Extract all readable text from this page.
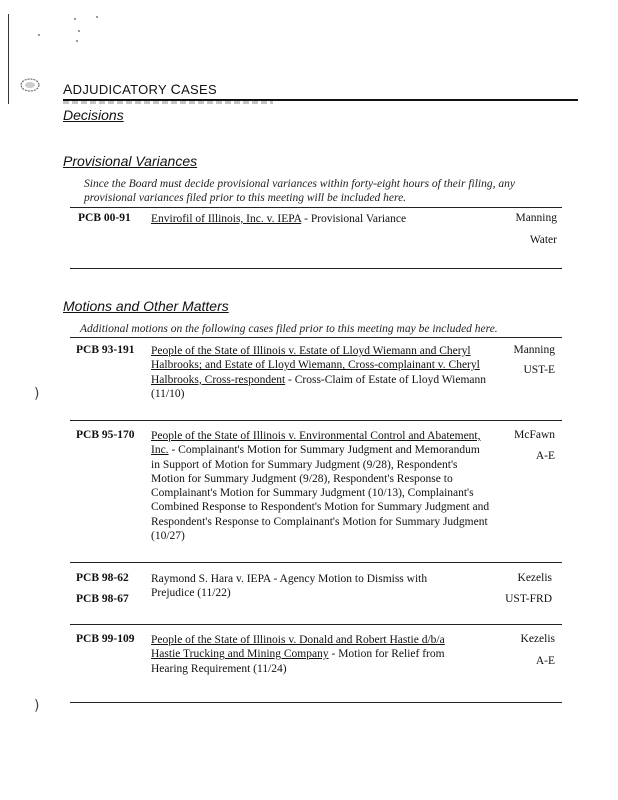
)
)
ADJUDICATORY CASES
Decisions
Provisional Variances
Since the Board must decide provisional variances within forty-eight hours of their filing, any provisional variances filed prior to this meeting will be included here.
PCB 00-91 Envirofil of Illinois, Inc. v. IEPA - Provisional Variance	Manning
Water
Motions and Other Matters
Additional motions on the following cases filed prior to this meeting may be included here.
PCB 93-191 People of the State of Illinois v. Estate of Lloyd Wiemann and Cheryl Halbrooks; and Estate of Lloyd Wiemann, Cross-complainant v. Cheryl Halbrooks, Cross-respondent - Cross-Claim of Estate of Lloyd Wiemann (11/10)
Manning
UST-E
PCB 95-170 People of the State of Illinois v. Environmental Control and Abatement, Inc. - Complainant's Motion for Summary Judgment and Memorandum in Support of Motion for Summary Judgment (9/28), Respondent's Motion for Summary Judgment (9/28), Respondent's Response to Complainant's Motion for Summary Judgment (10/13), Complainant's Combined Response to Respondent's Motion for Summary Judgment and Respondent's Response to Complainant's Motion for Summary Judgment (10/27)
McFawn
A-E
PCB 98-62
PCB 98-67
Raymond S. Hara v. IEPA - Agency Motion to Dismiss with Prejudice (11/22)
Kezelis
UST-FRD
PCB 99-109 People of the State of Illinois v. Donald and Robert Hastie d/b/a Hastie Trucking and Mining Company - Motion for Relief from Hearing Requirement (11/24)
Kezelis
A-E
